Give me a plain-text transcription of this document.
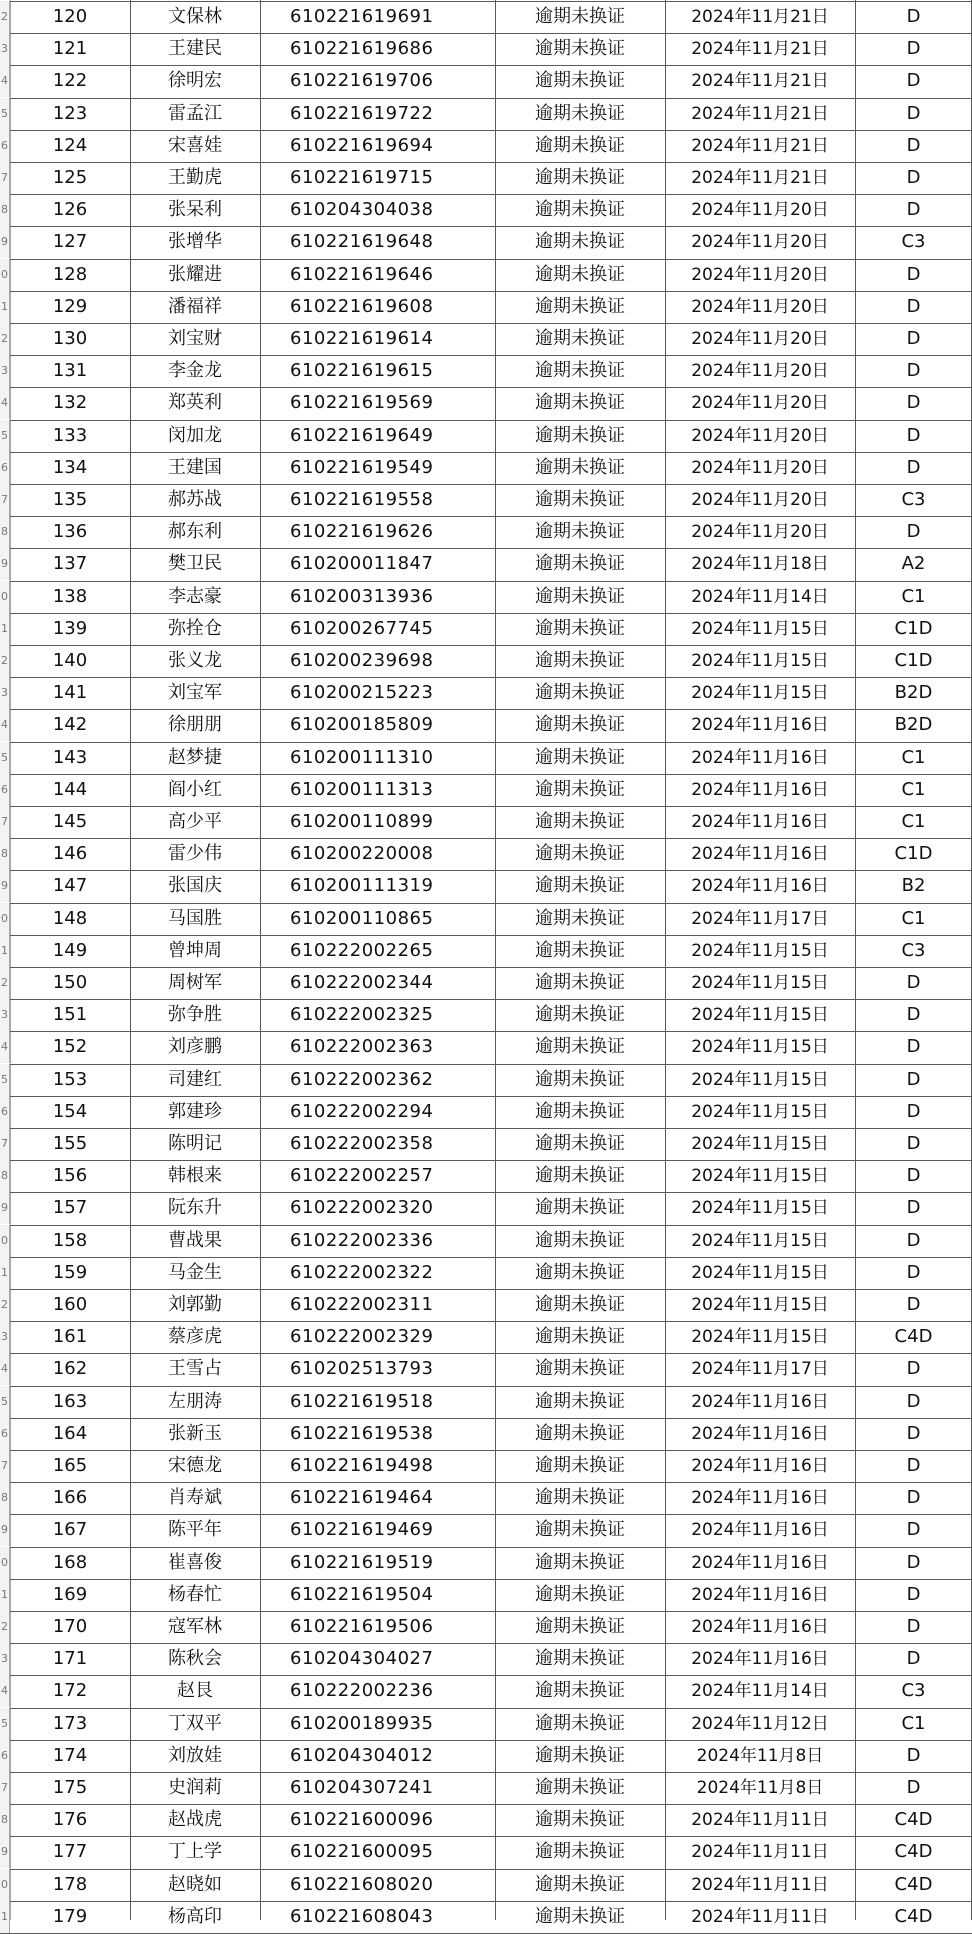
2	120	文保林	610221619691	逾期未换证	2024年11月21日	D
3	121	王建民	610221619686	逾期未换证	2024年11月21日	D
4	122	徐明宏	610221619706	逾期未换证	2024年11月21日	D
5	123	雷孟江	610221619722	逾期未换证	2024年11月21日	D
6	124	宋喜娃	610221619694	逾期未换证	2024年11月21日	D
7	125	王勤虎	610221619715	逾期未换证	2024年11月21日	D
8	126	张呆利	610204304038	逾期未换证	2024年11月20日	D
9	127	张增华	610221619648	逾期未换证	2024年11月20日	C3
0	128	张耀进	610221619646	逾期未换证	2024年11月20日	D
1	129	潘福祥	610221619608	逾期未换证	2024年11月20日	D
2	130	刘宝财	610221619614	逾期未换证	2024年11月20日	D
3	131	李金龙	610221619615	逾期未换证	2024年11月20日	D
4	132	郑英利	610221619569	逾期未换证	2024年11月20日	D
5	133	闵加龙	610221619649	逾期未换证	2024年11月20日	D
6	134	王建国	610221619549	逾期未换证	2024年11月20日	D
7	135	郝苏战	610221619558	逾期未换证	2024年11月20日	C3
8	136	郝东利	610221619626	逾期未换证	2024年11月20日	D
9	137	樊卫民	610200011847	逾期未换证	2024年11月18日	A2
0	138	李志豪	610200313936	逾期未换证	2024年11月14日	C1
1	139	弥拴仓	610200267745	逾期未换证	2024年11月15日	C1D
2	140	张义龙	610200239698	逾期未换证	2024年11月15日	C1D
3	141	刘宝军	610200215223	逾期未换证	2024年11月15日	B2D
4	142	徐朋朋	610200185809	逾期未换证	2024年11月16日	B2D
5	143	赵梦捷	610200111310	逾期未换证	2024年11月16日	C1
6	144	阎小红	610200111313	逾期未换证	2024年11月16日	C1
7	145	高少平	610200110899	逾期未换证	2024年11月16日	C1
8	146	雷少伟	610200220008	逾期未换证	2024年11月16日	C1D
9	147	张国庆	610200111319	逾期未换证	2024年11月16日	B2
0	148	马国胜	610200110865	逾期未换证	2024年11月17日	C1
1	149	曾坤周	610222002265	逾期未换证	2024年11月15日	C3
2	150	周树军	610222002344	逾期未换证	2024年11月15日	D
3	151	弥争胜	610222002325	逾期未换证	2024年11月15日	D
4	152	刘彦鹏	610222002363	逾期未换证	2024年11月15日	D
5	153	司建红	610222002362	逾期未换证	2024年11月15日	D
6	154	郭建珍	610222002294	逾期未换证	2024年11月15日	D
7	155	陈明记	610222002358	逾期未换证	2024年11月15日	D
8	156	韩根来	610222002257	逾期未换证	2024年11月15日	D
9	157	阮东升	610222002320	逾期未换证	2024年11月15日	D
0	158	曹战果	610222002336	逾期未换证	2024年11月15日	D
1	159	马金生	610222002322	逾期未换证	2024年11月15日	D
2	160	刘郭勤	610222002311	逾期未换证	2024年11月15日	D
3	161	蔡彦虎	610222002329	逾期未换证	2024年11月15日	C4D
4	162	王雪占	610202513793	逾期未换证	2024年11月17日	D
5	163	左朋涛	610221619518	逾期未换证	2024年11月16日	D
6	164	张新玉	610221619538	逾期未换证	2024年11月16日	D
7	165	宋德龙	610221619498	逾期未换证	2024年11月16日	D
8	166	肖寿斌	610221619464	逾期未换证	2024年11月16日	D
9	167	陈平年	610221619469	逾期未换证	2024年11月16日	D
0	168	崔喜俊	610221619519	逾期未换证	2024年11月16日	D
1	169	杨春忙	610221619504	逾期未换证	2024年11月16日	D
2	170	寇军林	610221619506	逾期未换证	2024年11月16日	D
3	171	陈秋会	610204304027	逾期未换证	2024年11月16日	D
4	172	赵艮	610222002236	逾期未换证	2024年11月14日	C3
5	173	丁双平	610200189935	逾期未换证	2024年11月12日	C1
6	174	刘放娃	610204304012	逾期未换证	2024年11月8日	D
7	175	史润莉	610204307241	逾期未换证	2024年11月8日	D
8	176	赵战虎	610221600096	逾期未换证	2024年11月11日	C4D
9	177	丁上学	610221600095	逾期未换证	2024年11月11日	C4D
0	178	赵晓如	610221608020	逾期未换证	2024年11月11日	C4D
1	179	杨高印	610221608043	逾期未换证	2024年11月11日	C4D
